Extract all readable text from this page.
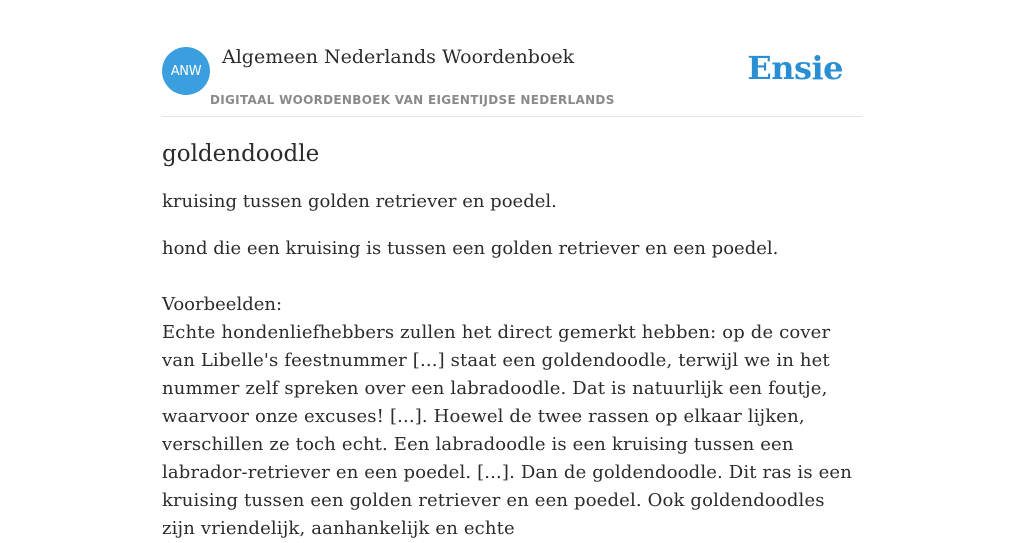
ANW
Algemeen Nederlands Woordenboek
DIGITAAL WOORDENBOEK VAN EIGENTIJDSE NEDERLANDS
Ensie
goldendoodle

kruising tussen golden retriever en poedel.

hond die een kruising is tussen een golden retriever en een poedel.

Voorbeelden:

Echte hondenliefhebbers zullen het direct gemerkt hebben: op de cover van Libelle's feestnummer [...] staat een goldendoodle, terwijl we in het nummer zelf spreken over een labradoodle. Dat is natuurlijk een foutje, waarvoor onze excuses! [...]. Hoewel de twee rassen op elkaar lijken, verschillen ze toch echt. Een labradoodle is een kruising tussen een labrador-retriever en een poedel. [...]. Dan de goldendoodle. Dit ras is een kruising tussen een golden retriever en een poedel. Ook goldendoodles zijn vriendelijk, aanhankelijk en echte
